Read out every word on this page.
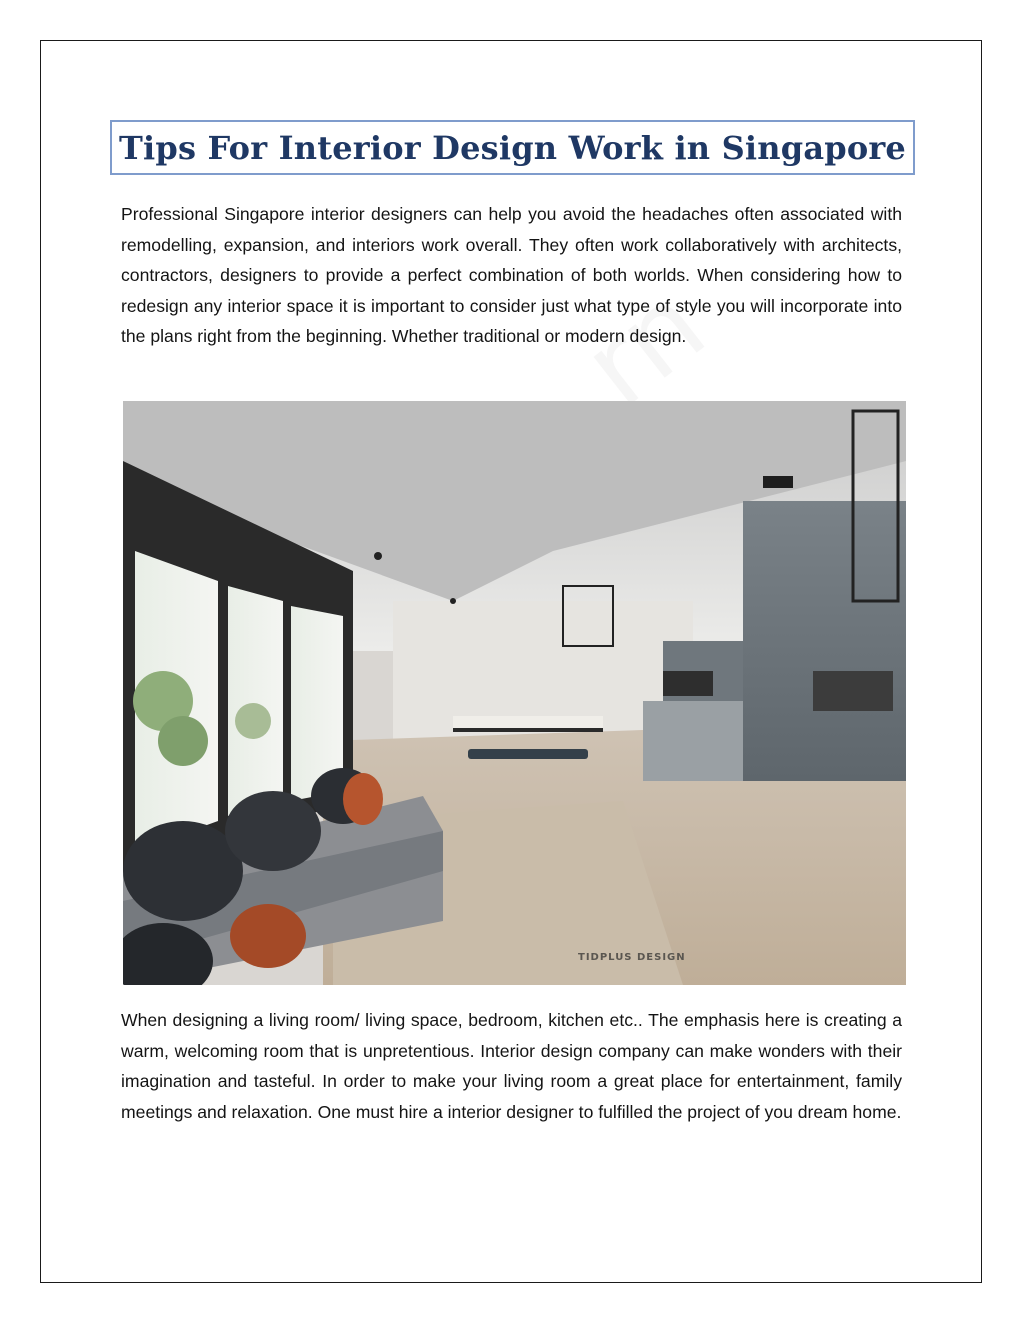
rn
Tips For Interior Design Work in Singapore

Professional Singapore interior designers can help you avoid the headaches often associated with remodelling, expansion, and interiors work overall. They often work collaboratively with architects, contractors, designers to provide a perfect combination of both worlds. When considering how to redesign any interior space it is important to consider just what type of style you will incorporate into the plans right from the beginning. Whether traditional or modern design.

TIDPLUS DESIGN

When designing a living room/ living space, bedroom, kitchen etc.. The emphasis here is creating a warm, welcoming room that is unpretentious. Interior design company can make wonders with their imagination and tasteful. In order to make your living room a great place for entertainment, family meetings and relaxation. One must hire a interior designer to fulfilled the project of you dream home.
